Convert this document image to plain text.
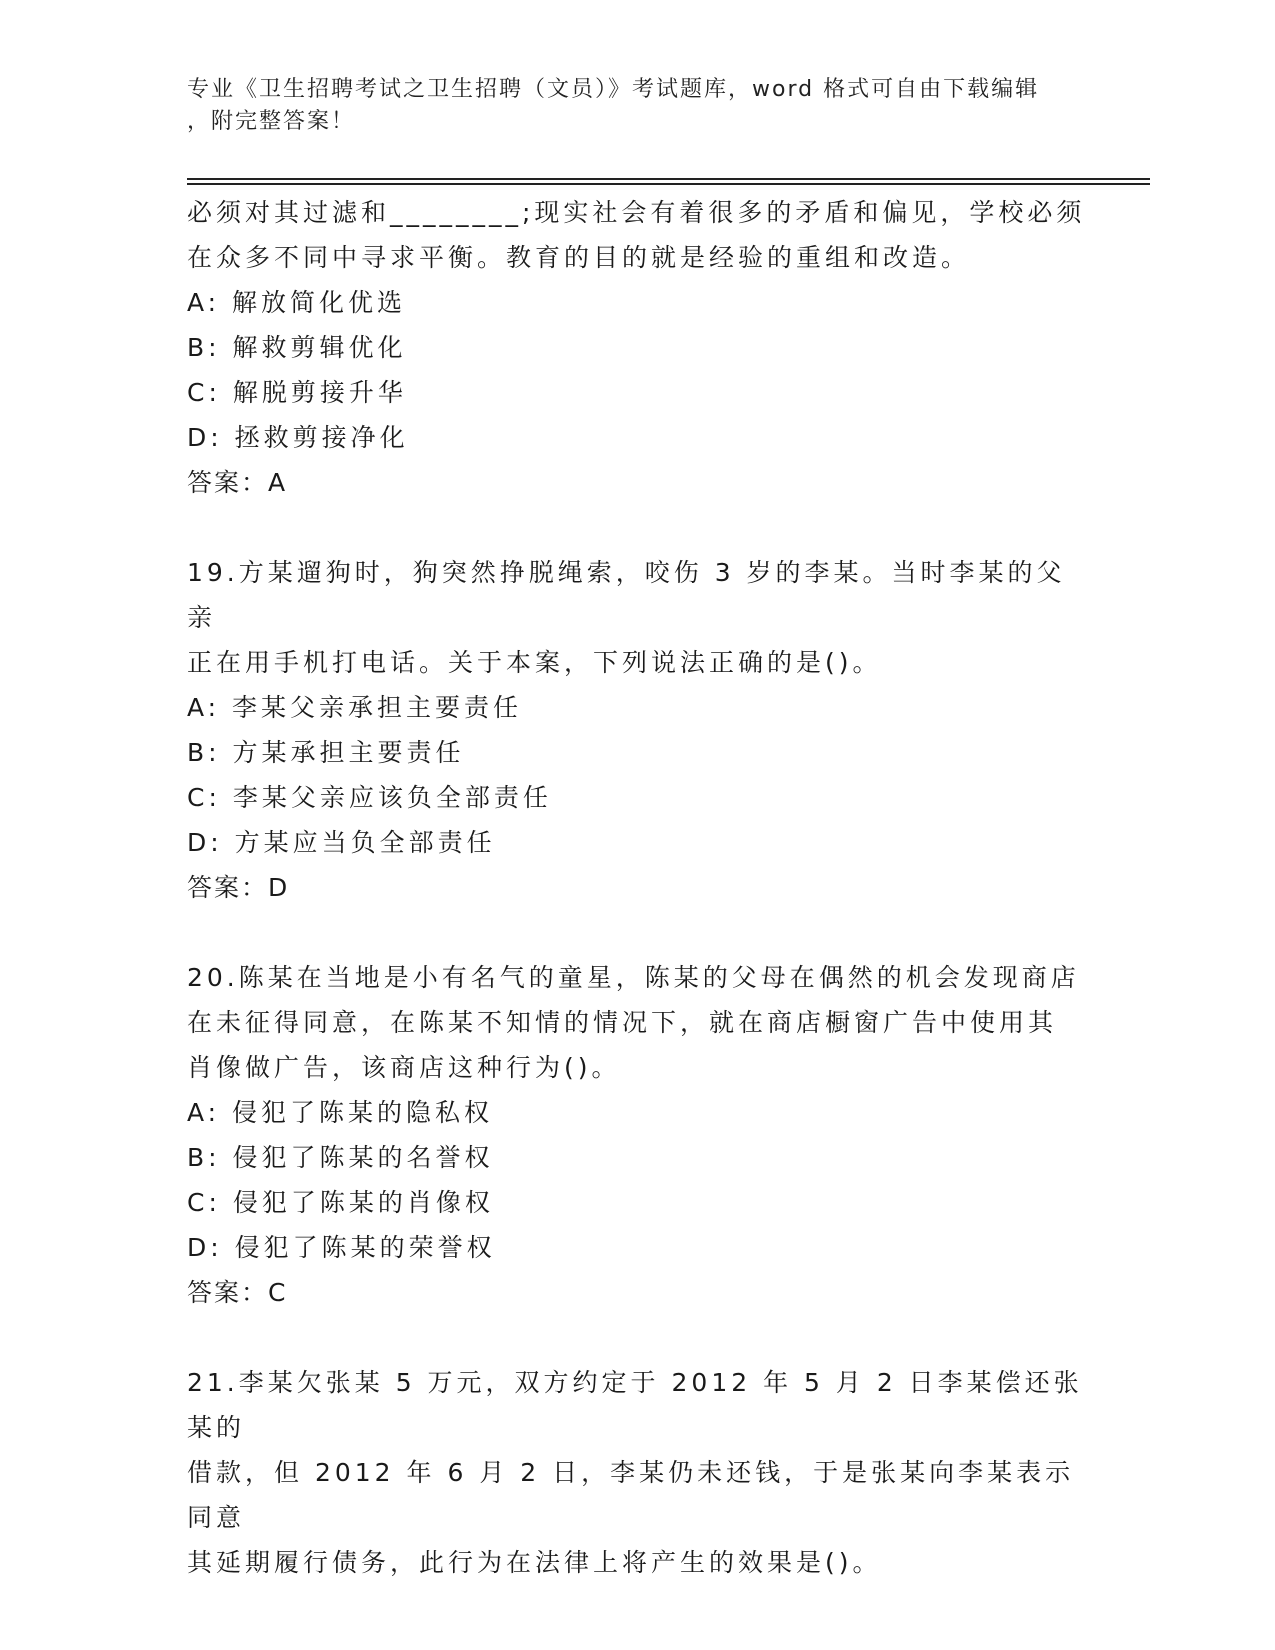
专业《卫生招聘考试之卫生招聘（文员）》考试题库，word 格式可自由下载编辑
，附完整答案！

必须对其过滤和________;现实社会有着很多的矛盾和偏见，学校必须

在众多不同中寻求平衡。教育的目的就是经验的重组和改造。

A: 解放简化优选

B: 解救剪辑优化

C: 解脱剪接升华

D: 拯救剪接净化

答案：A

19.方某遛狗时，狗突然挣脱绳索，咬伤 3 岁的李某。当时李某的父亲

正在用手机打电话。关于本案，下列说法正确的是()。

A: 李某父亲承担主要责任

B: 方某承担主要责任

C: 李某父亲应该负全部责任

D: 方某应当负全部责任

答案：D

20.陈某在当地是小有名气的童星，陈某的父母在偶然的机会发现商店

在未征得同意，在陈某不知情的情况下，就在商店橱窗广告中使用其

肖像做广告，该商店这种行为()。

A: 侵犯了陈某的隐私权

B: 侵犯了陈某的名誉权

C: 侵犯了陈某的肖像权

D: 侵犯了陈某的荣誉权

答案：C

21.李某欠张某 5 万元，双方约定于 2012 年 5 月 2 日李某偿还张某的

借款，但 2012 年 6 月 2 日，李某仍未还钱，于是张某向李某表示同意

其延期履行债务，此行为在法律上将产生的效果是()。
